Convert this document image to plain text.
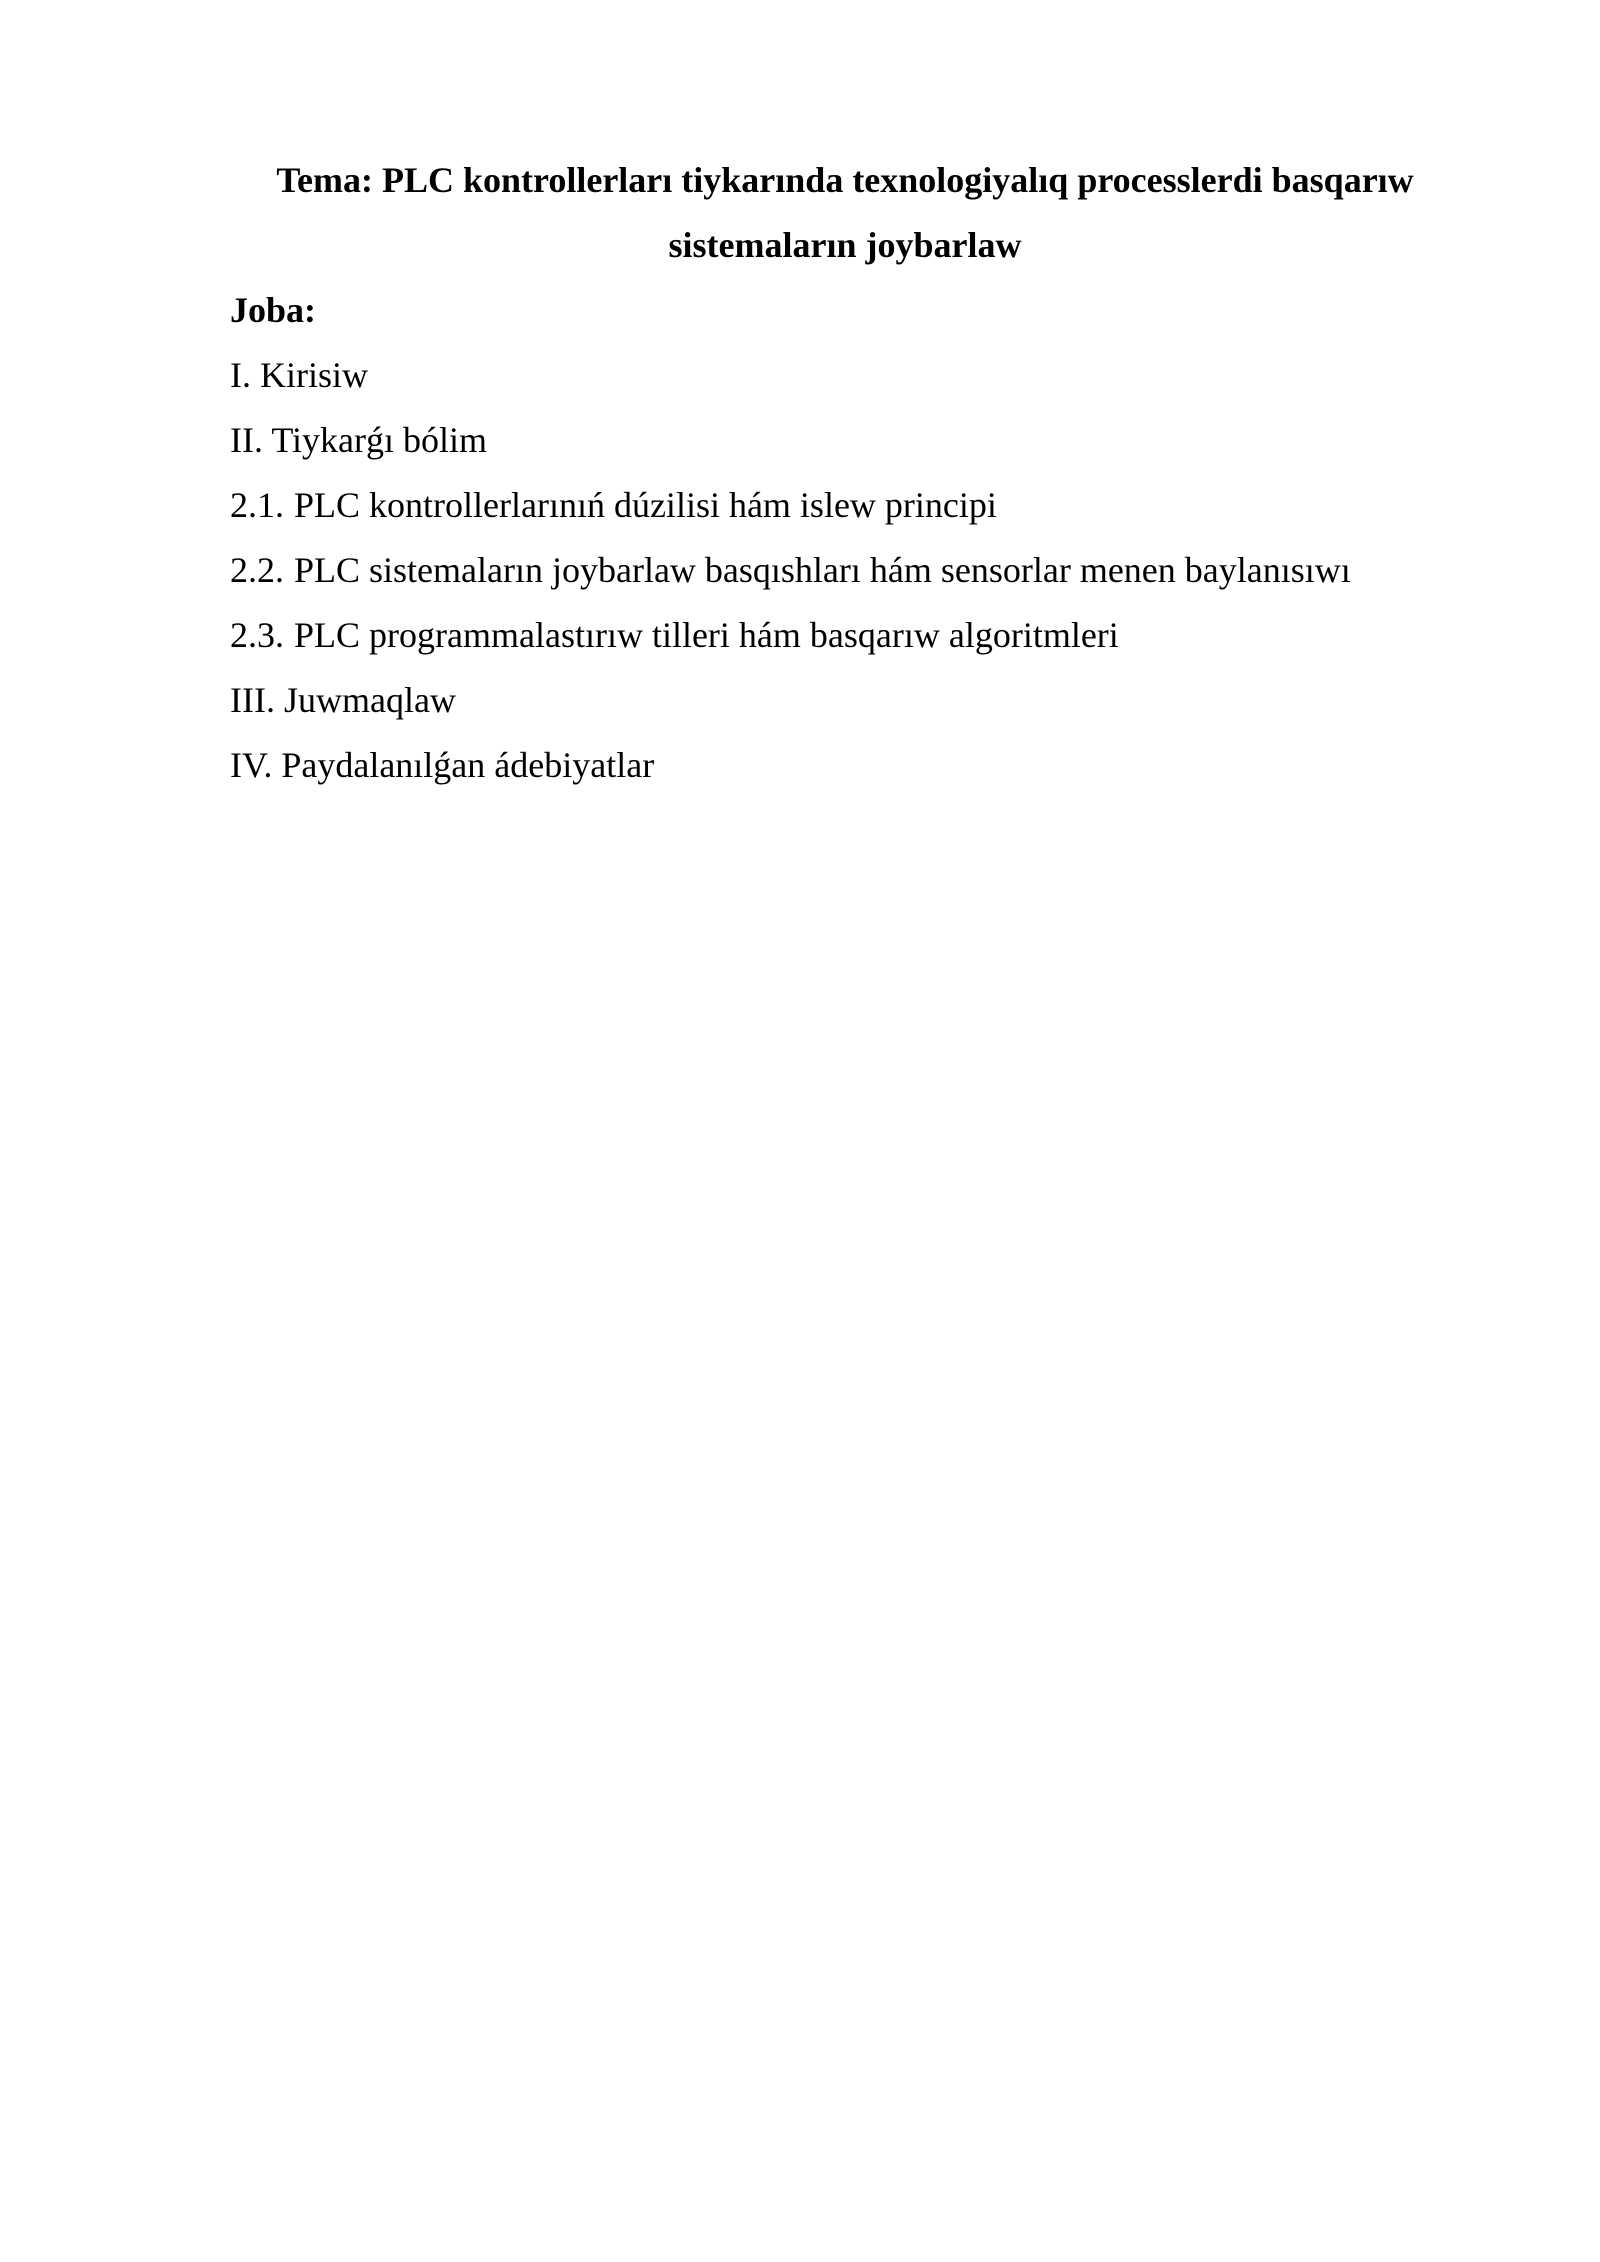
Tema: PLC kontrollerları tiykarında texnologiyalıq processlerdi basqarıw
sistemaların joybarlaw

Joba:

I. Kirisiw
II. Tiykarǵı bólim
2.1. PLC kontrollerlarınıń dúzilisi hám islew principi
2.2. PLC sistemaların joybarlaw basqıshları hám sensorlar menen baylanısıwı
2.3. PLC programmalastırıw tilleri hám basqarıw algoritmleri
III. Juwmaqlaw
IV. Paydalanılǵan ádebiyatlar
